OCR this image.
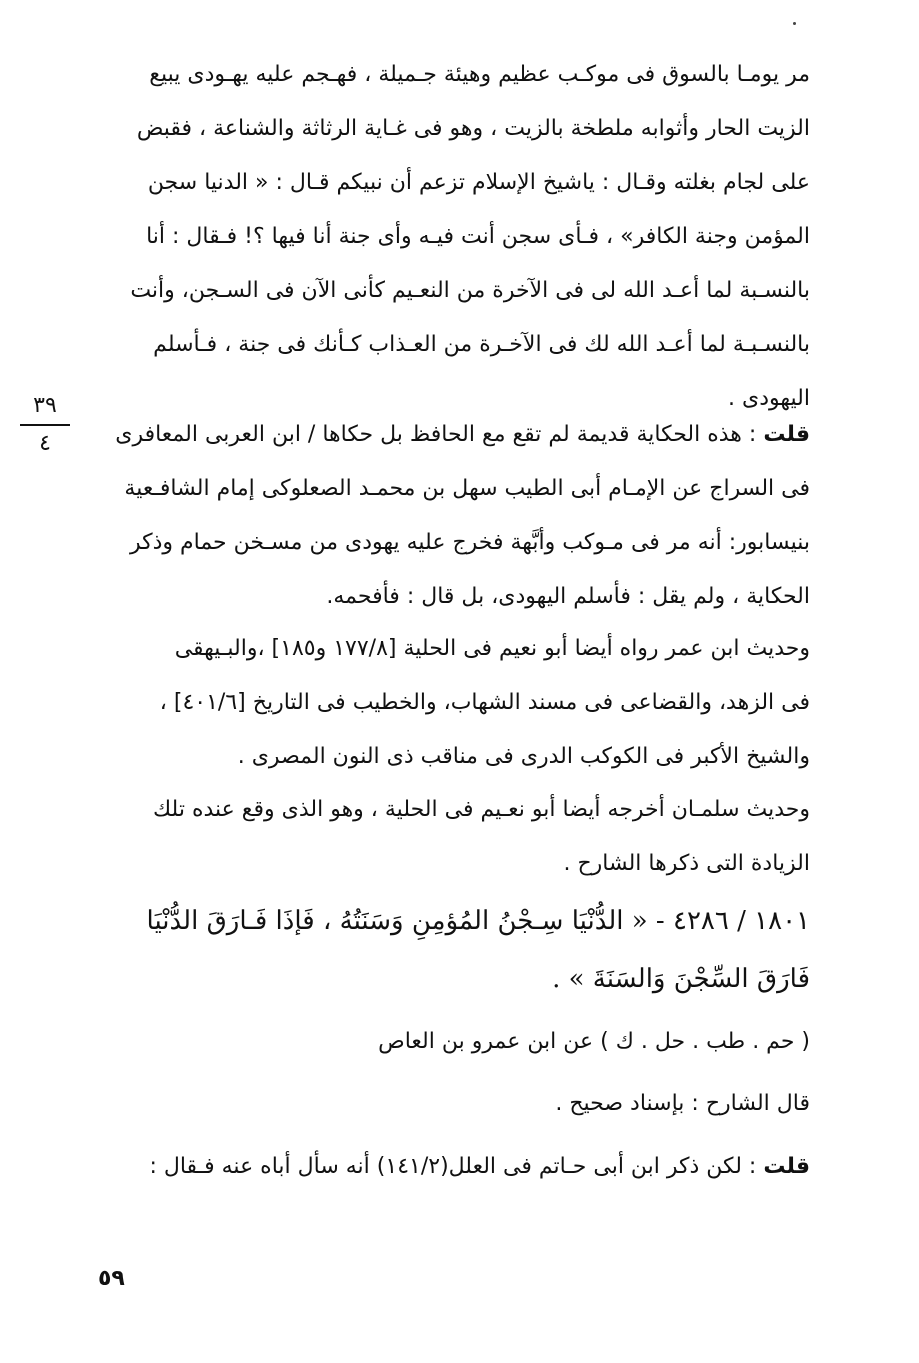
مر يومـا بالسوق فى موكـب عظيم وهيئة جـميلة ، فهـجم عليه يهـودى يبيع
الزيت الحار وأثوابه ملطخة بالزيت ، وهو فى غـاية الرثاثة والشناعة ، فقبض
على لجام بغلته وقـال : ياشيخ الإسلام تزعم أن نبيكم قـال : « الدنيا سجن
المؤمن وجنة الكافر» ، فـأى سجن أنت فيـه وأى جنة أنا فيها ؟! فـقال : أنا
بالنسـبة لما أعـد الله لى فى الآخرة من النعـيم كأنى الآن فى السـجن، وأنت
بالنسـبـة لما أعـد الله لك فى الآخـرة من العـذاب كـأنك فى جنة ، فـأسلم
اليهودى .
٣٩
٤	قلت : هذه الحكاية قديمة لم تقع مع الحافظ بل حكاها / ابن العربى المعافرى
فى السراج عن الإمـام أبى الطيب سهل بن محمـد الصعلوكى إمام الشافـعية
بنيسابور: أنه مر فى مـوكب وأبَّهة فخرج عليه يهودى من مسـخن حمام وذكر
الحكاية ، ولم يقل : فأسلم اليهودى، بل قال : فأفحمه.
وحديث ابن عمر رواه أيضا أبو نعيم فى الحلية [١٧٧/٨ و١٨٥] ،والبـيهقى
فى الزهد، والقضاعى فى مسند الشهاب، والخطيب فى التاريخ [٤٠١/٦] ،
والشيخ الأكبر فى الكوكب الدرى فى مناقب ذى النون المصرى .
وحديث سلمـان أخرجه أيضا أبو نعـيم فى الحلية ، وهو الذى وقع عنده تلك
الزيادة التى ذكرها الشارح .
١٨٠١ / ٤٢٨٦ - « الدُّنْيَا سِـجْنُ المُؤمِنِ وَسَنَتُهُ ، فَإذَا فَـارَقَ الدُّنْيَا
فَارَقَ السِّجْنَ وَالسَنَةَ » .
( حم . طب . حل . ك ) عن ابن عمرو بن العاص
قال الشارح : بإسناد صحيح .
قلت : لكن ذكر ابن أبى حـاتم فى العلل(١٤١/٢) أنه سأل أباه عنه فـقال :
٥٩
